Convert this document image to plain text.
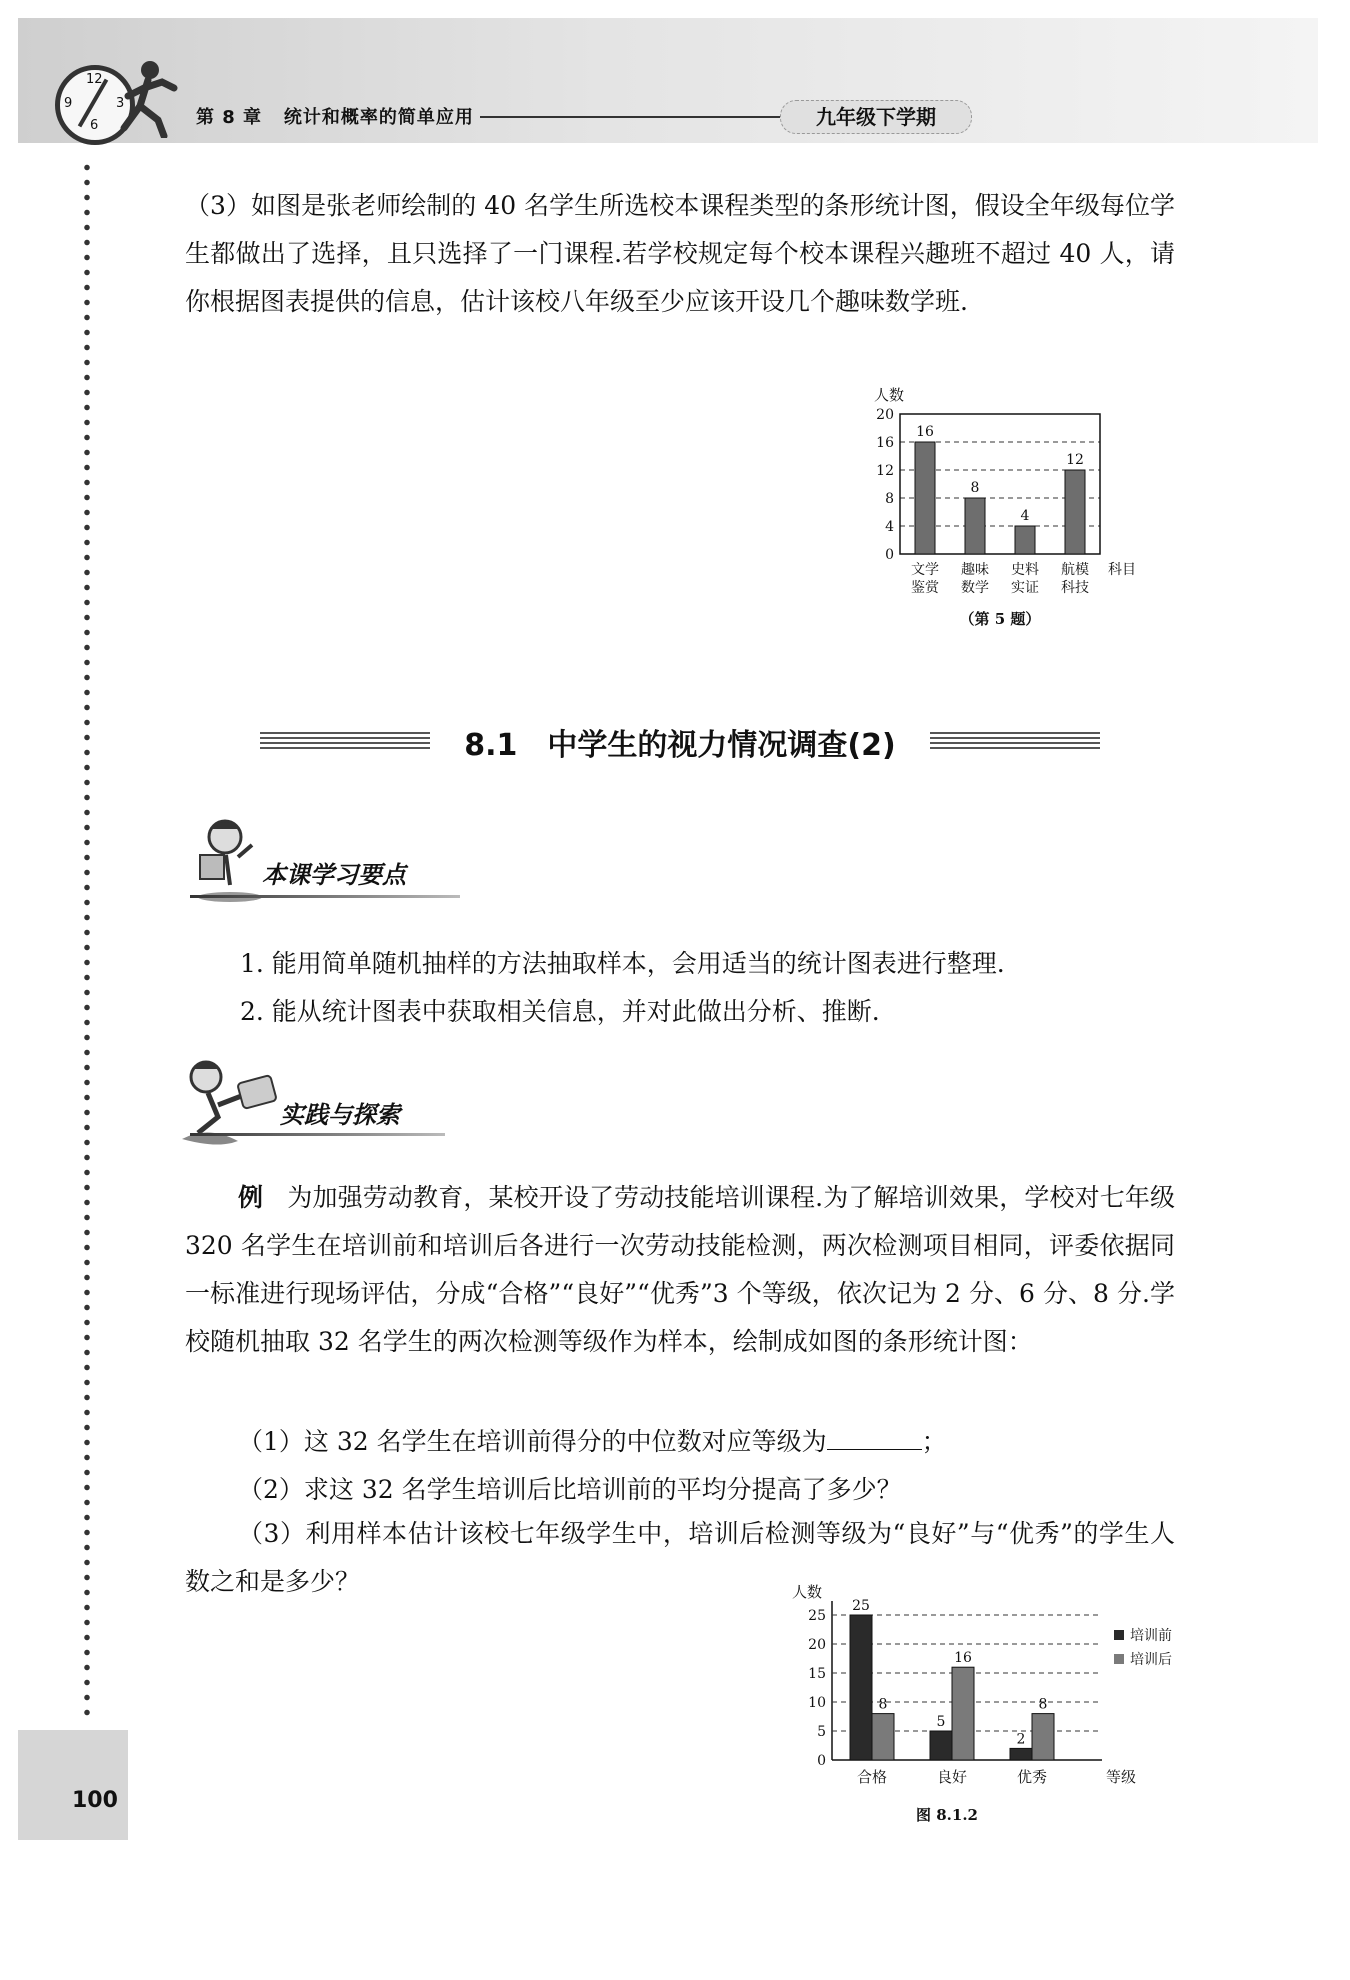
12
3
6
9
第 8 章 统计和概率的简单应用	九年级下学期
（3）如图是张老师绘制的 40 名学生所选校本课程类型的条形统计图，假设全年级每位学生都做出了选择，且只选择了一门课程.若学校规定每个校本课程兴趣班不超过 40 人，请你根据图表提供的信息，估计该校八年级至少应该开设几个趣味数学班.
人数
0
4
8
12
16
20
16
文学
鉴赏
8
趣味
数学
4
史料
实证
12
航模
科技
科目
（第 5 题）
8.1　中学生的视力情况调查(2)
本课学习要点
1. 能用简单随机抽样的方法抽取样本，会用适当的统计图表进行整理.
2. 能从统计图表中获取相关信息，并对此做出分析、推断.
实践与探索
例 为加强劳动教育，某校开设了劳动技能培训课程.为了解培训效果，学校对七年级 320 名学生在培训前和培训后各进行一次劳动技能检测，两次检测项目相同，评委依据同一标准进行现场评估，分成“合格”“良好”“优秀”3 个等级，依次记为 2 分、6 分、8 分.学校随机抽取 32 名学生的两次检测等级作为样本，绘制成如图的条形统计图：
（1）这 32 名学生在培训前得分的中位数对应等级为	；
（2）求这 32 名学生培训后比培训前的平均分提高了多少？
（3）利用样本估计该校七年级学生中，培训后检测等级为“良好”与“优秀”的学生人数之和是多少？	人数
0
5
10
15
20
25
25
8
合格
5
16
良好
2
8
优秀	等级
培训前
培训后
图 8.1.2
100
